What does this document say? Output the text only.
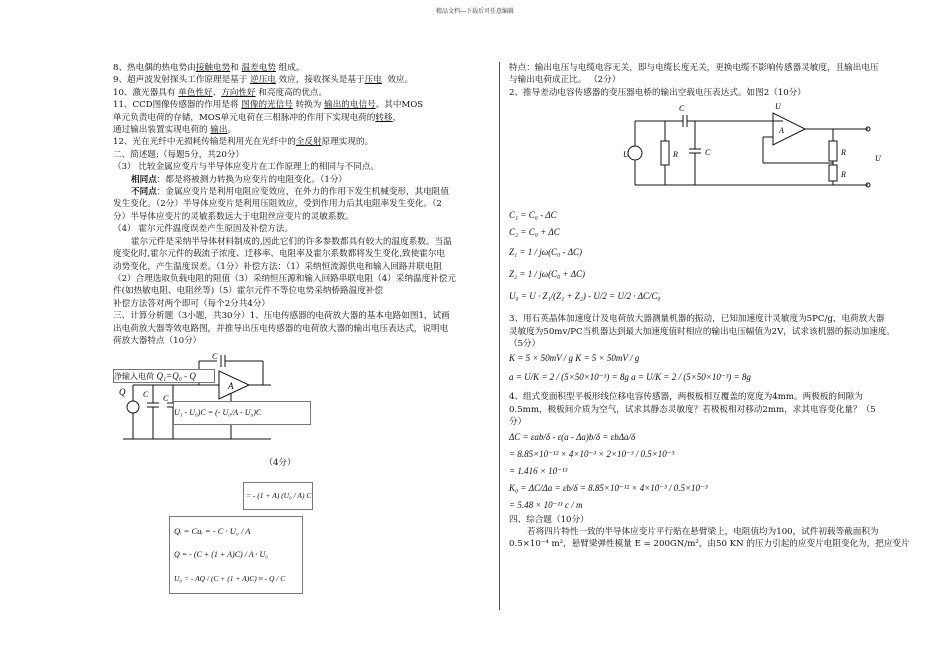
精品文档---下载后可任意编辑

8、热电偶的热电势由接触电势和 温差电势 组成。

9、超声波发射探头工作原理是基于 逆压电 效应，接收探头是基于压电 效应。

10、激光器具有 单色性好、方向性好 和亮度高的优点。

11、CCD图像传感器的作用是将 图像的光信号 转换为 输出的电信号。其中MOS

单元负责电荷的存储，MOS单元电荷在三相脉冲的作用下实现电荷的转移，

通过输出装置实现电荷的 输出。

12、光在光纤中无损耗传输是利用光在光纤中的全反射原理实现的。

二、简述题:（每题5分，共20分）

（3） 比较金属应变片与半导体应变片在工作原理上的相同与不同点。

相同点：都是将被测力转换为应变片的电阻变化。（1分）

不同点：金属应变片是利用电阻应变效应，在外力的作用下发生机械变形，其电阻值

发生变化。（2分）半导体应变片是利用压阻效应，受到作用力后其电阻率发生变化。（2

分）半导体应变片的灵敏系数远大于电阻丝应变片的灵敏系数。

（4） 霍尔元件温度误差产生原因及补偿方法。

霍尔元件是采纳半导体材料制成的,因此它们的许多参数都具有较大的温度系数。当温

度变化时,霍尔元件的载流子浓度、迁移率、电阻率及霍尔系数都将发生变化,致使霍尔电

动势变化，产生温度误差。（1分）补偿方法：（1）采纳恒流源供电和输入回路并联电阻

（2）合理选取负载电阻的阻值（3）采纳恒压源和输入回路串联电阻（4）采纳温度补偿元

件(如热敏电阻、电阻丝等)（5）霍尔元件不等位电势采纳桥路温度补偿

补偿方法答对两个即可（每个2分共4分）

三、计算分析题（3小题，共30分）1、压电传感器的电荷放大器的基本电路如图1，试画

出电荷放大器等效电路图，并推导出压电传感器的电荷放大器的输出电压表达式，说明电

荷放大器特点（10分）

C
A
Q C C
净输入电荷 Q₁=Q₀ - Q
U₁ - U₀)C = (- U₀/A - U₀)C

（4分）

= - (1 + A) (U₀ / A) C
Qᵢ = Cuᵢ = - C · U₀ / A
Q = - (C + (1 + A)C) / A · U₀
U₀ = - AQ / (C + (1 + A)C) ≈ - Q / C

特点：输出电压与电缆电容无关，即与电缆长度无关，更换电缆不影响传感器灵敏度，且输出电压

与输出电荷成正比。 （2分）

2、推导差动电容传感器的变压器电桥的输出空载电压表达式。如图2（10分）

C
U	R	C
U
A
R
R
U
C₁ = C₀ - ΔC
C₂ = C₀ + ΔC
Z₁ = 1 / jω(C₀ - ΔC)
Z₂ = 1 / jω(C₀ + ΔC)
U₀ = U · Z₁/(Z₁ + Z₂) - U/2 = U/2 · ΔC/C₀

3、用石英晶体加速度计及电荷放大器测量机器的振动，已知加速度计灵敏度为5PC/g，电荷放大器

灵敏度为50mv/PC当机器达到最大加速度值时相应的输出电压幅值为2V，试求该机器的振动加速度。

（5分）

K = 5 × 50mV / g K = 5 × 50mV / g
a = U/K = 2 / (5×50×10⁻³) = 8g a = U/K = 2 / (5×50×10⁻³) = 8g

4、组式变面积型平板形线位移电容传感器，两极板相互覆盖的宽度为4mm。两极板的间隙为

0.5mm，极板间介质为空气，试求其静态灵敏度？若极板相对移动2mm，求其电容变化量？（5

分）

ΔC = εab/δ - ε(a - Δa)b/δ = εbΔa/δ
= 8.85×10⁻¹² × 4×10⁻³ × 2×10⁻³ / 0.5×10⁻³
= 1.416 × 10⁻¹³
K₀ = ΔC/Δa = εb/δ = 8.85×10⁻¹² × 4×10⁻³ / 0.5×10⁻³
= 5.48 × 10⁻¹¹ c / m

四、综合题（10分）

若将四片特性一致的半导体应变片平行贴在悬臂梁上，电阻值均为100，试件初载等截面积为

0.5×10⁻⁴ m²，悬臂梁弹性模量 E = 200GN/m²，由50 KN 的压力引起的应变片电阻变化为，把应变片
